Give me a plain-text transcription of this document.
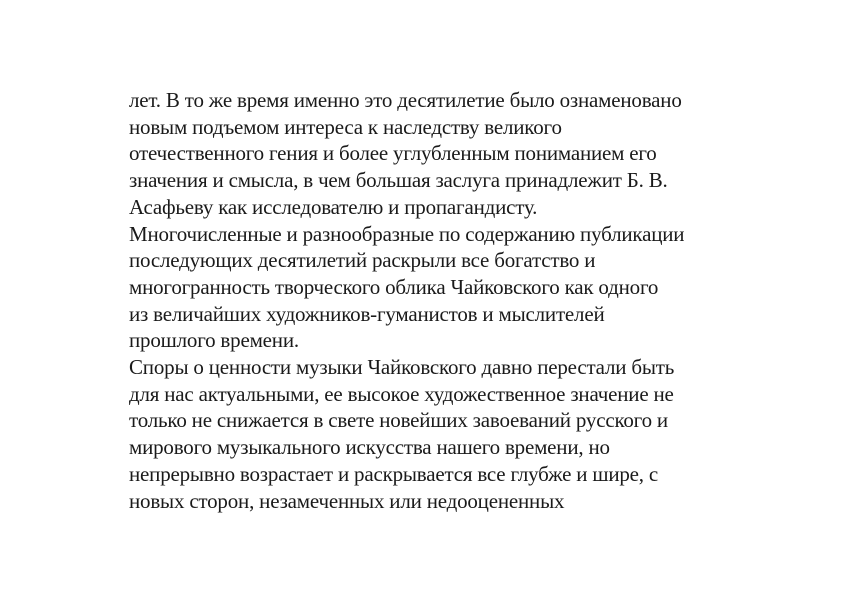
лет. В то же время именно это десятилетие было ознаменовано
новым подъемом интереса к наследству великого
отечественного гения и более углубленным пониманием его
значения и смысла, в чем большая заслуга принадлежит Б. В.
Асафьеву как исследователю и пропагандисту.
Многочисленные и разнообразные по содержанию публикации
последующих десятилетий раскрыли все богатство и
многогранность творческого облика Чайковского как одного
из величайших художников-гуманистов и мыслителей
прошлого времени.
Споры о ценности музыки Чайковского давно перестали быть
для нас актуальными, ее высокое художественное значение не
только не снижается в свете новейших завоеваний русского и
мирового музыкального искусства нашего времени, но
непрерывно возрастает и раскрывается все глубже и шире, с
новых сторон, незамеченных или недооцененных
